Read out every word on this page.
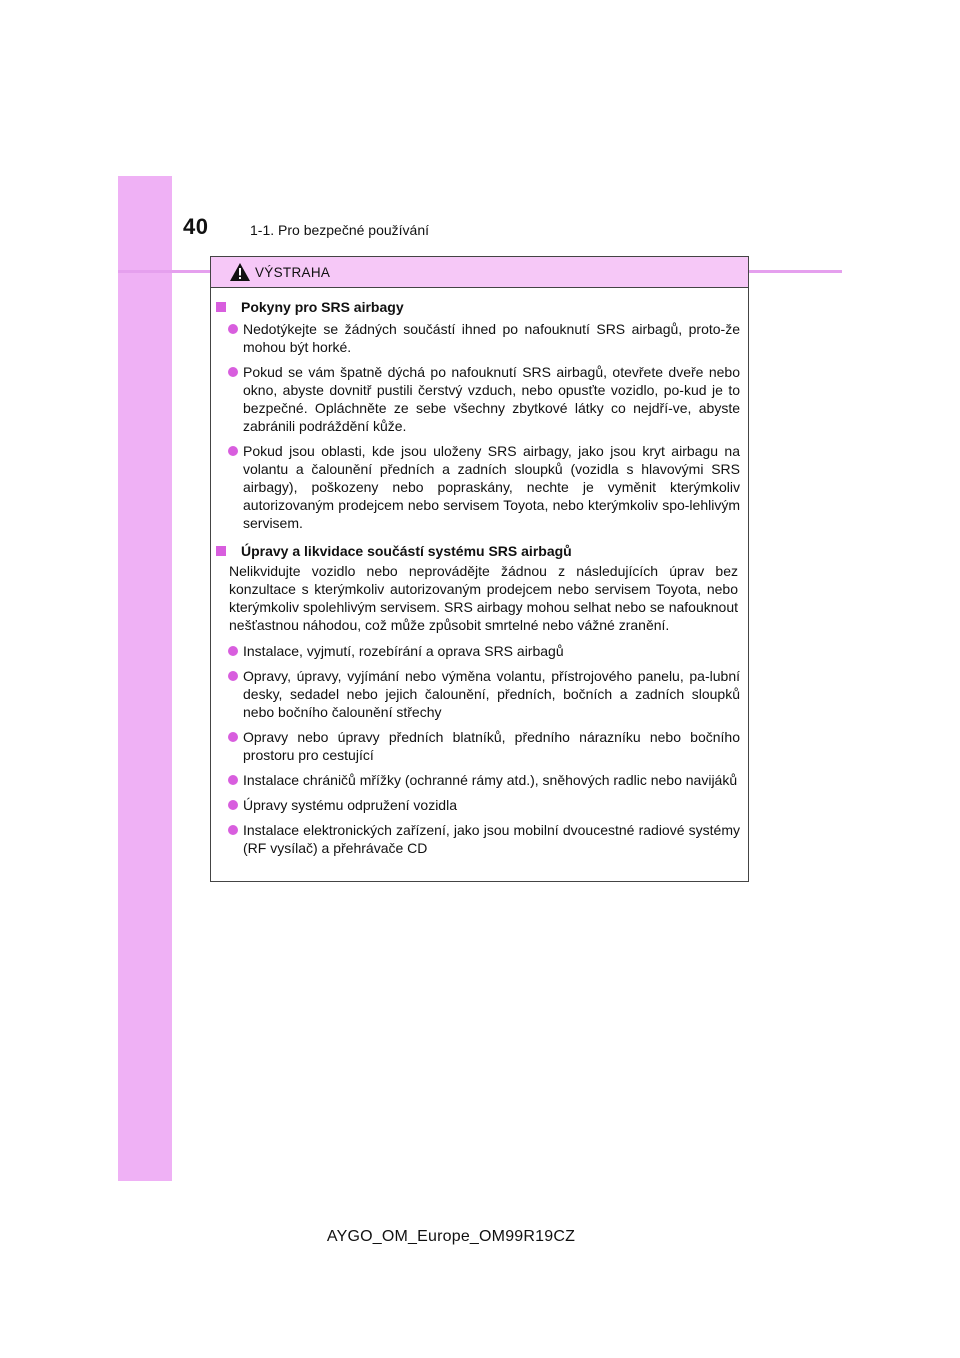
40	1-1. Pro bezpečné používání
VÝSTRAHA
Pokyny pro SRS airbagy
Nedotýkejte se žádných součástí ihned po nafouknutí SRS airbagů, proto-že mohou být horké.
Pokud se vám špatně dýchá po nafouknutí SRS airbagů, otevřete dveře nebo okno, abyste dovnitř pustili čerstvý vzduch, nebo opusťte vozidlo, po-kud je to bezpečné. Opláchněte ze sebe všechny zbytkové látky co nejdří-ve, abyste zabránili podráždění kůže.
Pokud jsou oblasti, kde jsou uloženy SRS airbagy, jako jsou kryt airbagu na volantu a čalounění předních a zadních sloupků (vozidla s hlavovými SRS airbagy), poškozeny nebo popraskány, nechte je vyměnit kterýmkoliv autorizovaným prodejcem nebo servisem Toyota, nebo kterýmkoliv spo-lehlivým servisem.
Úpravy a likvidace součástí systému SRS airbagů
Nelikvidujte vozidlo nebo neprovádějte žádnou z následujících úprav bez konzultace s kterýmkoliv autorizovaným prodejcem nebo servisem Toyota, nebo kterýmkoliv spolehlivým servisem. SRS airbagy mohou selhat nebo se nafouknout nešťastnou náhodou, což může způsobit smrtelné nebo vážné zranění.
Instalace, vyjmutí, rozebírání a oprava SRS airbagů
Opravy, úpravy, vyjímání nebo výměna volantu, přístrojového panelu, pa-lubní desky, sedadel nebo jejich čalounění, předních, bočních a zadních sloupků nebo bočního čalounění střechy
Opravy nebo úpravy předních blatníků, předního nárazníku nebo bočního prostoru pro cestující
Instalace chráničů mřížky (ochranné rámy atd.), sněhových radlic nebo navijáků
Úpravy systému odpružení vozidla
Instalace elektronických zařízení, jako jsou mobilní dvoucestné radiové systémy (RF vysílač) a přehrávače CD
AYGO_OM_Europe_OM99R19CZ
